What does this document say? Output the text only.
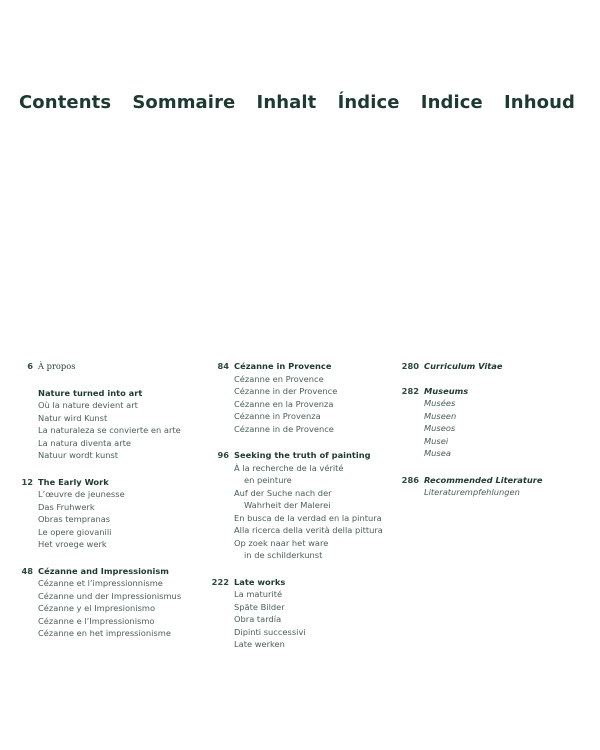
Contents Sommaire Inhalt Índice Indice Inhoud
6 À propos
Nature turned into art
Où la nature devient art
Natur wird Kunst
La naturaleza se convierte en arte
La natura diventa arte
Natuur wordt kunst
12 The Early Work
L’œuvre de jeunesse
Das Fruhwerk
Obras tempranas
Le opere giovanili
Het vroege werk
48 Cézanne and Impressionism
Cézanne et l’impressionnisme
Cézanne und der Impressionismus
Cézanne y el Impresionismo
Cézanne e l’Impressionismo
Cézanne en het impressionisme
84 Cézanne in Provence
Cézanne en Provence
Cézanne in der Provence
Cézanne en la Provenza
Cézanne in Provenza
Cézanne in de Provence
96 Seeking the truth of painting
À la recherche de la vérité
en peinture
Auf der Suche nach der
Wahrheit der Malerei
En busca de la verdad en la pintura
Alla ricerca della verità della pittura
Op zoek naar het ware
in de schilderkunst
222 Late works
La maturité
Späte Bilder
Obra tardía
Dipinti successivi
Late werken
280 Curriculum Vitae
282 Museums
Musées
Museen
Museos
Musei
Musea
286 Recommended Literature
Literaturempfehlungen
